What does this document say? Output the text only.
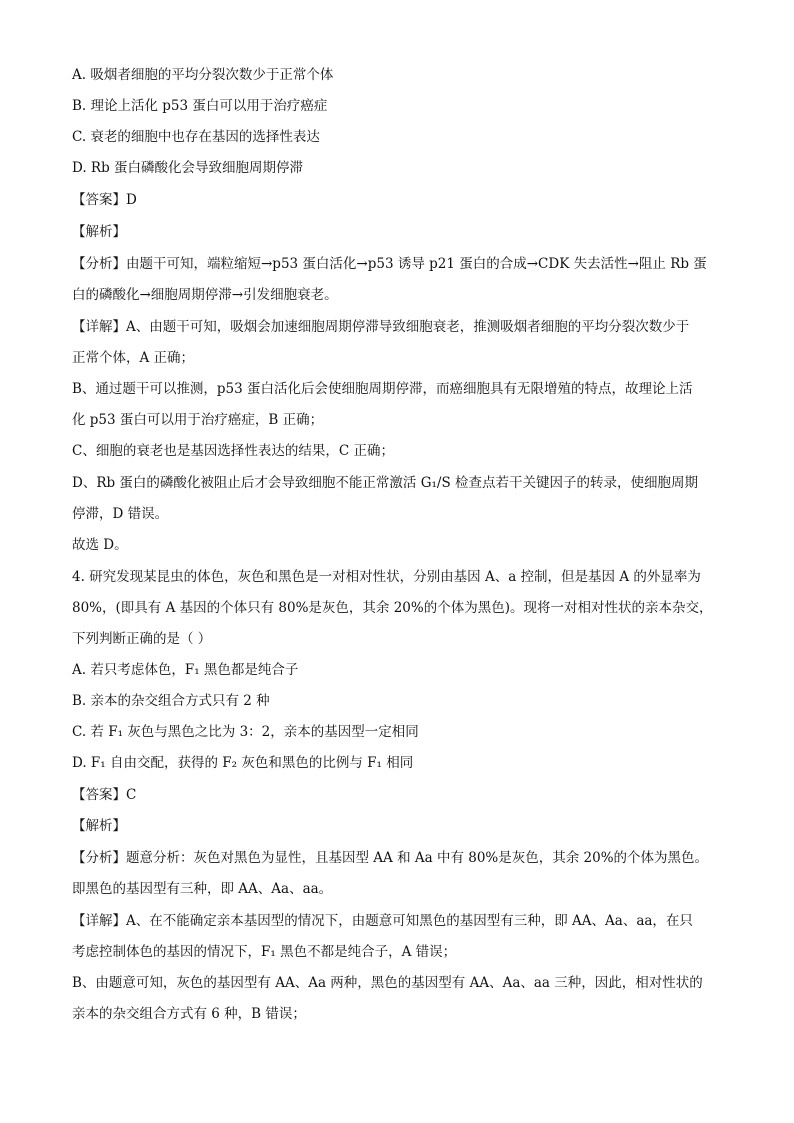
A. 吸烟者细胞的平均分裂次数少于正常个体
B. 理论上活化 p53 蛋白可以用于治疗癌症
C. 衰老的细胞中也存在基因的选择性表达
D. Rb 蛋白磷酸化会导致细胞周期停滞
【答案】D
【解析】
【分析】由题干可知，端粒缩短→p53 蛋白活化→p53 诱导 p21 蛋白的合成→CDK 失去活性→阻止 Rb 蛋
白的磷酸化→细胞周期停滞→引发细胞衰老。
【详解】A、由题干可知，吸烟会加速细胞周期停滞导致细胞衰老，推测吸烟者细胞的平均分裂次数少于
正常个体，A 正确；
B、通过题干可以推测，p53 蛋白活化后会使细胞周期停滞，而癌细胞具有无限增殖的特点，故理论上活
化 p53 蛋白可以用于治疗癌症，B 正确；
C、细胞的衰老也是基因选择性表达的结果，C 正确；
D、Rb 蛋白的磷酸化被阻止后才会导致细胞不能正常激活 G₁/S 检查点若干关键因子的转录，使细胞周期
停滞，D 错误。
故选 D。
4. 研究发现某昆虫的体色，灰色和黑色是一对相对性状，分别由基因 A、a 控制，但是基因 A 的外显率为
80%，(即具有 A 基因的个体只有 80%是灰色，其余 20%的个体为黑色)。现将一对相对性状的亲本杂交，
下列判断正确的是（ ）
A. 若只考虑体色，F₁ 黑色都是纯合子
B. 亲本的杂交组合方式只有 2 种
C. 若 F₁ 灰色与黑色之比为 3：2，亲本的基因型一定相同
D. F₁ 自由交配，获得的 F₂ 灰色和黑色的比例与 F₁ 相同
【答案】C
【解析】
【分析】题意分析：灰色对黑色为显性，且基因型 AA 和 Aa 中有 80%是灰色，其余 20%的个体为黑色。
即黑色的基因型有三种，即 AA、Aa、aa。
【详解】A、在不能确定亲本基因型的情况下，由题意可知黑色的基因型有三种，即 AA、Aa、aa，在只
考虑控制体色的基因的情况下，F₁ 黑色不都是纯合子，A 错误；
B、由题意可知，灰色的基因型有 AA、Aa 两种，黑色的基因型有 AA、Aa、aa 三种，因此，相对性状的
亲本的杂交组合方式有 6 种，B 错误；
